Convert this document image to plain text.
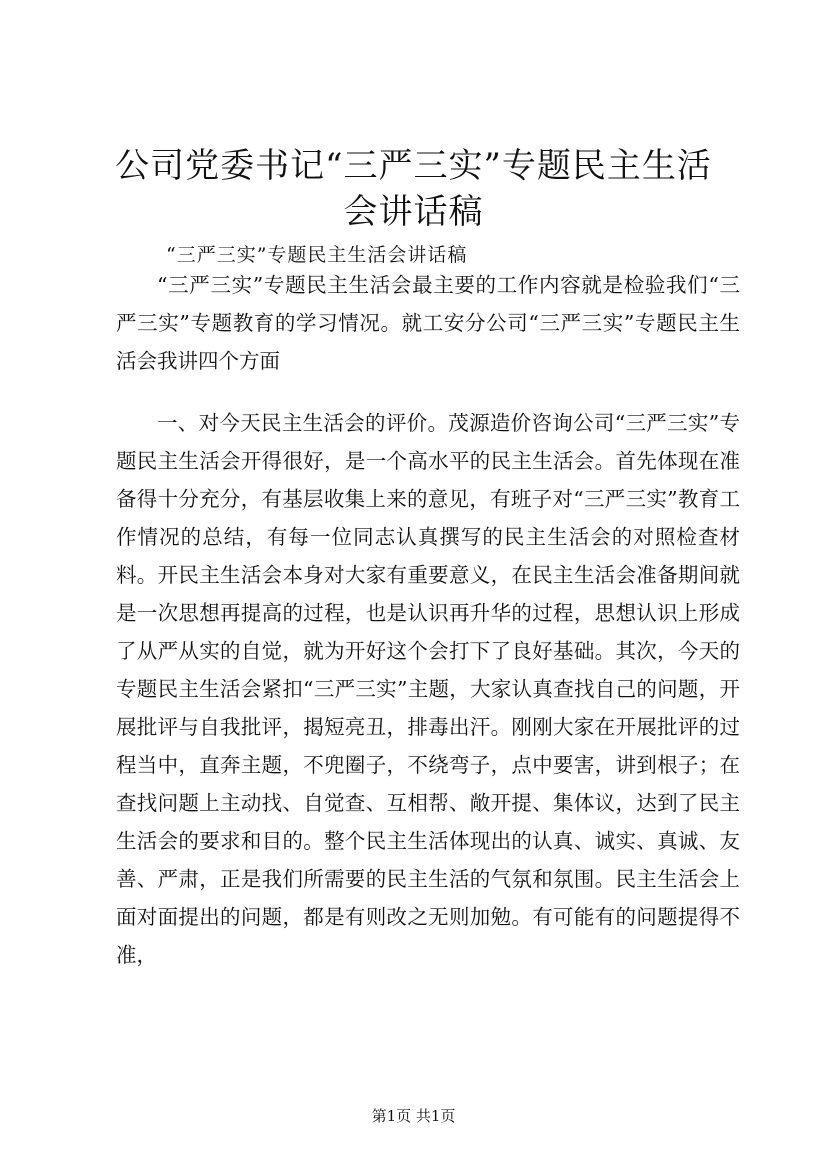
公司党委书记“三严三实”专题民主生活会讲话稿

“三严三实”专题民主生活会讲话稿

“三严三实”专题民主生活会最主要的工作内容就是检验我们“三严三实”专题教育的学习情况。就工安分公司“三严三实”专题民主生活会我讲四个方面

一、对今天民主生活会的评价。茂源造价咨询公司“三严三实”专题民主生活会开得很好，是一个高水平的民主生活会。首先体现在准备得十分充分，有基层收集上来的意见，有班子对“三严三实”教育工作情况的总结，有每一位同志认真撰写的民主生活会的对照检查材料。开民主生活会本身对大家有重要意义，在民主生活会准备期间就是一次思想再提高的过程，也是认识再升华的过程，思想认识上形成了从严从实的自觉，就为开好这个会打下了良好基础。其次，今天的专题民主生活会紧扣“三严三实”主题，大家认真查找自己的问题，开展批评与自我批评，揭短亮丑，排毒出汗。刚刚大家在开展批评的过程当中，直奔主题，不兜圈子，不绕弯子，点中要害，讲到根子；在查找问题上主动找、自觉查、互相帮、敞开提、集体议，达到了民主生活会的要求和目的。整个民主生活体现出的认真、诚实、真诚、友善、严肃，正是我们所需要的民主生活的气氛和氛围。民主生活会上面对面提出的问题，都是有则改之无则加勉。有可能有的问题提得不准，

第1页 共1页
